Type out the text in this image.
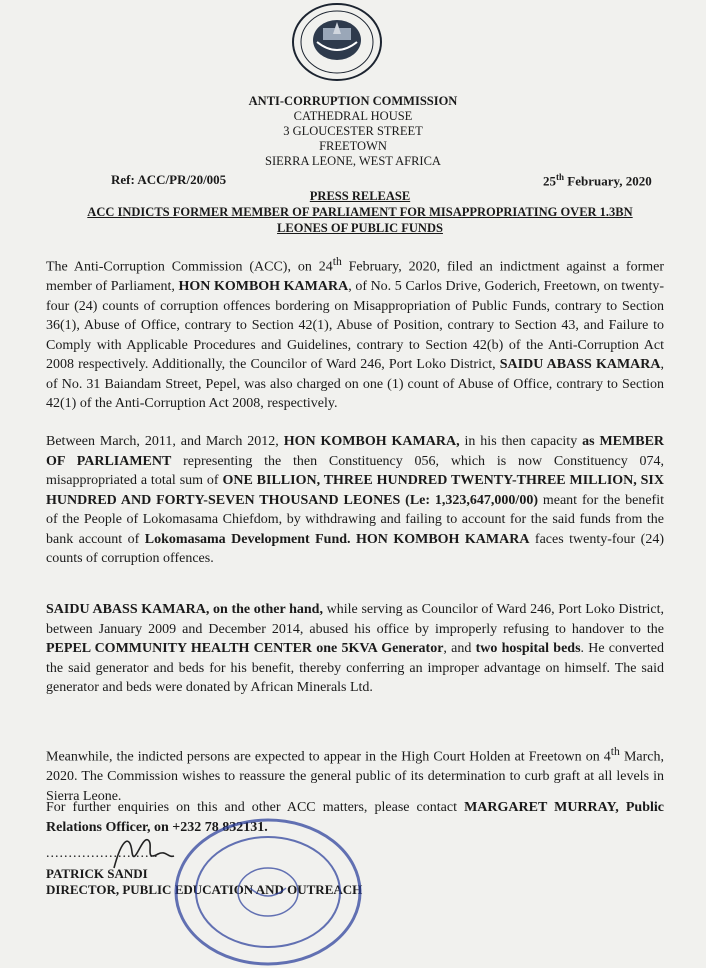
ANTI-CORRUPTION COMMISSION
CATHEDRAL HOUSE
3 GLOUCESTER STREET
FREETOWN
SIERRA LEONE, WEST AFRICA
Ref: ACC/PR/20/005	25th February, 2020
PRESS RELEASE
ACC INDICTS FORMER MEMBER OF PARLIAMENT FOR MISAPPROPRIATING OVER 1.3BN
LEONES OF PUBLIC FUNDS
The Anti-Corruption Commission (ACC), on 24th February, 2020, filed an indictment against a former member of Parliament, HON KOMBOH KAMARA, of No. 5 Carlos Drive, Goderich, Freetown, on twenty-four (24) counts of corruption offences bordering on Misappropriation of Public Funds, contrary to Section 36(1), Abuse of Office, contrary to Section 42(1), Abuse of Position, contrary to Section 43, and Failure to Comply with Applicable Procedures and Guidelines, contrary to Section 42(b) of the Anti-Corruption Act 2008 respectively. Additionally, the Councilor of Ward 246, Port Loko District, SAIDU ABASS KAMARA, of No. 31 Baiandam Street, Pepel, was also charged on one (1) count of Abuse of Office, contrary to Section 42(1) of the Anti-Corruption Act 2008, respectively.
Between March, 2011, and March 2012, HON KOMBOH KAMARA, in his then capacity as MEMBER OF PARLIAMENT representing the then Constituency 056, which is now Constituency 074, misappropriated a total sum of ONE BILLION, THREE HUNDRED TWENTY-THREE MILLION, SIX HUNDRED AND FORTY-SEVEN THOUSAND LEONES (Le: 1,323,647,000/00) meant for the benefit of the People of Lokomasama Chiefdom, by withdrawing and failing to account for the said funds from the bank account of Lokomasama Development Fund. HON KOMBOH KAMARA faces twenty-four (24) counts of corruption offences.
SAIDU ABASS KAMARA, on the other hand, while serving as Councilor of Ward 246, Port Loko District, between January 2009 and December 2014, abused his office by improperly refusing to handover to the PEPEL COMMUNITY HEALTH CENTER one 5KVA Generator, and two hospital beds. He converted the said generator and beds for his benefit, thereby conferring an improper advantage on himself. The said generator and beds were donated by African Minerals Ltd.
Meanwhile, the indicted persons are expected to appear in the High Court Holden at Freetown on 4th March, 2020. The Commission wishes to reassure the general public of its determination to curb graft at all levels in Sierra Leone.
For further enquiries on this and other ACC matters, please contact MARGARET MURRAY, Public Relations Officer, on +232 78 832131.
.........................
PATRICK SANDI
DIRECTOR, PUBLIC EDUCATION AND OUTREACH
